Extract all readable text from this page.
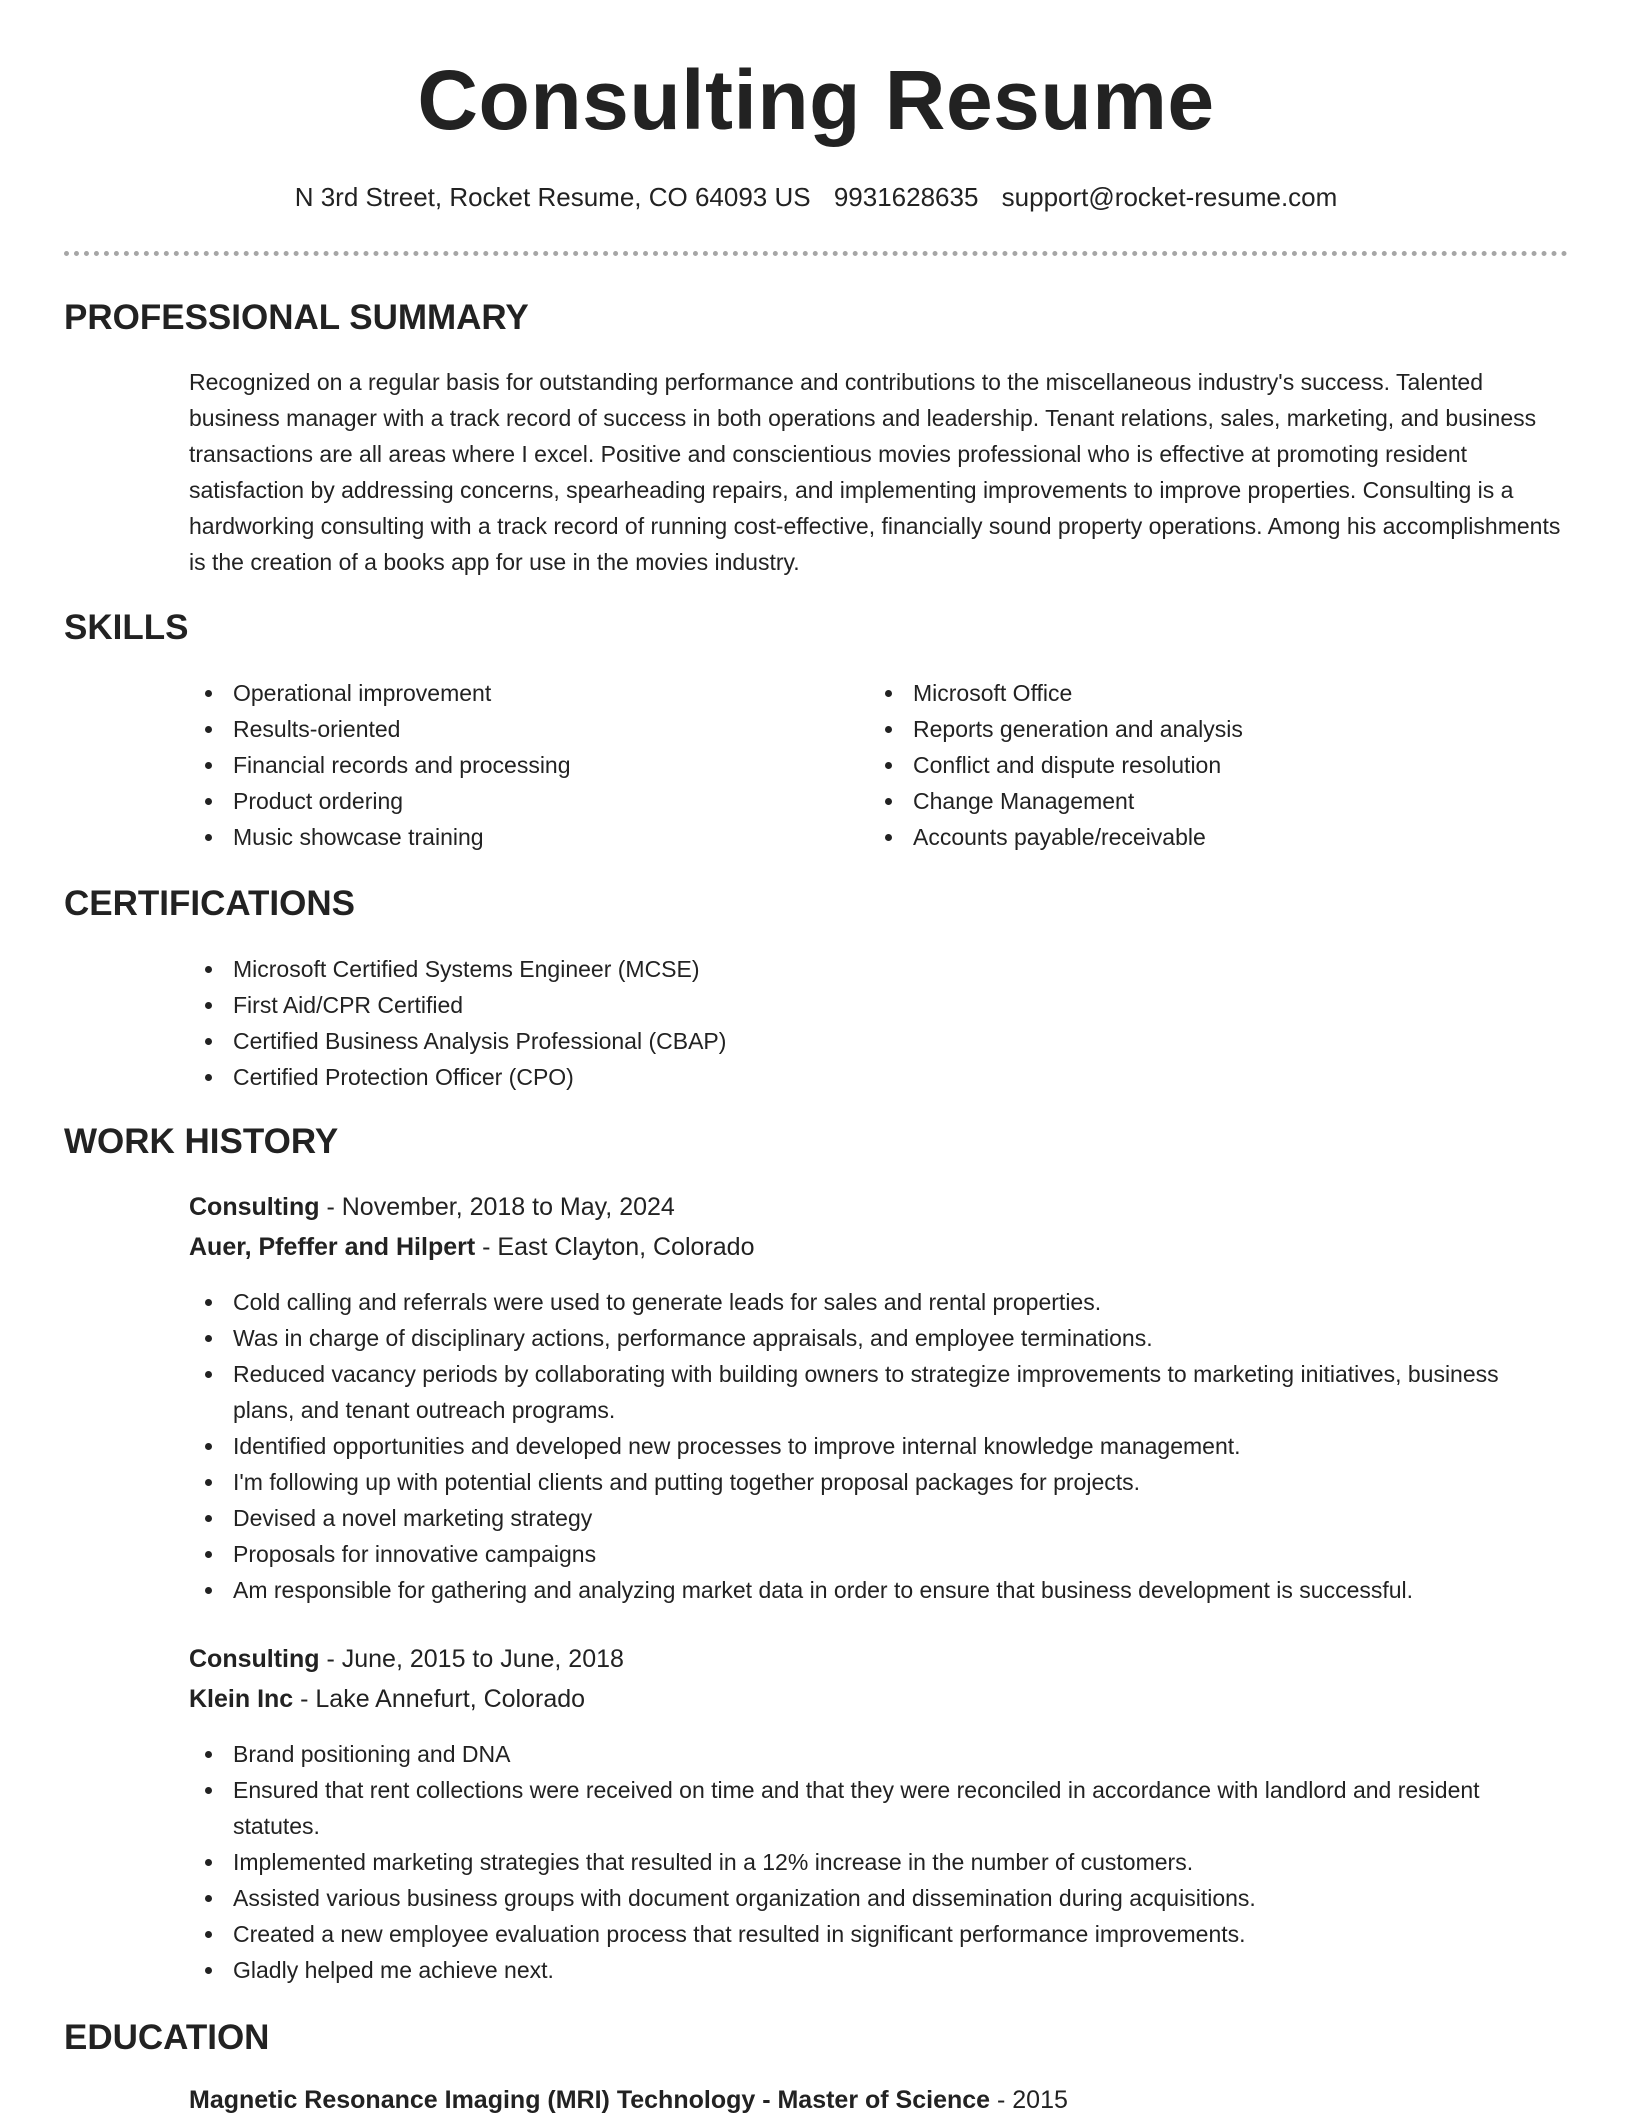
Consulting Resume
N 3rd Street, Rocket Resume, CO 64093 US 9931628635 support@rocket-resume.com
PROFESSIONAL SUMMARY

Recognized on a regular basis for outstanding performance and contributions to the miscellaneous industry's success. Talented business manager with a track record of success in both operations and leadership. Tenant relations, sales, marketing, and business transactions are all areas where I excel. Positive and conscientious movies professional who is effective at promoting resident satisfaction by addressing concerns, spearheading repairs, and implementing improvements to improve properties. Consulting is a hardworking consulting with a track record of running cost-effective, financially sound property operations. Among his accomplishments is the creation of a books app for use in the movies industry.

SKILLS
Operational improvement
Results-oriented
Financial records and processing
Product ordering
Music showcase training
Microsoft Office
Reports generation and analysis
Conflict and dispute resolution
Change Management
Accounts payable/receivable
CERTIFICATIONS
Microsoft Certified Systems Engineer (MCSE)
First Aid/CPR Certified
Certified Business Analysis Professional (CBAP)
Certified Protection Officer (CPO)
WORK HISTORY
Consulting - November, 2018 to May, 2024
Auer, Pfeffer and Hilpert - East Clayton, Colorado
Cold calling and referrals were used to generate leads for sales and rental properties.
Was in charge of disciplinary actions, performance appraisals, and employee terminations.
Reduced vacancy periods by collaborating with building owners to strategize improvements to marketing initiatives, business plans, and tenant outreach programs.
Identified opportunities and developed new processes to improve internal knowledge management.
I'm following up with potential clients and putting together proposal packages for projects.
Devised a novel marketing strategy
Proposals for innovative campaigns
Am responsible for gathering and analyzing market data in order to ensure that business development is successful.
Consulting - June, 2015 to June, 2018
Klein Inc - Lake Annefurt, Colorado
Brand positioning and DNA
Ensured that rent collections were received on time and that they were reconciled in accordance with landlord and resident statutes.
Implemented marketing strategies that resulted in a 12% increase in the number of customers.
Assisted various business groups with document organization and dissemination during acquisitions.
Created a new employee evaluation process that resulted in significant performance improvements.
Gladly helped me achieve next.
EDUCATION
Magnetic Resonance Imaging (MRI) Technology - Master of Science - 2015
